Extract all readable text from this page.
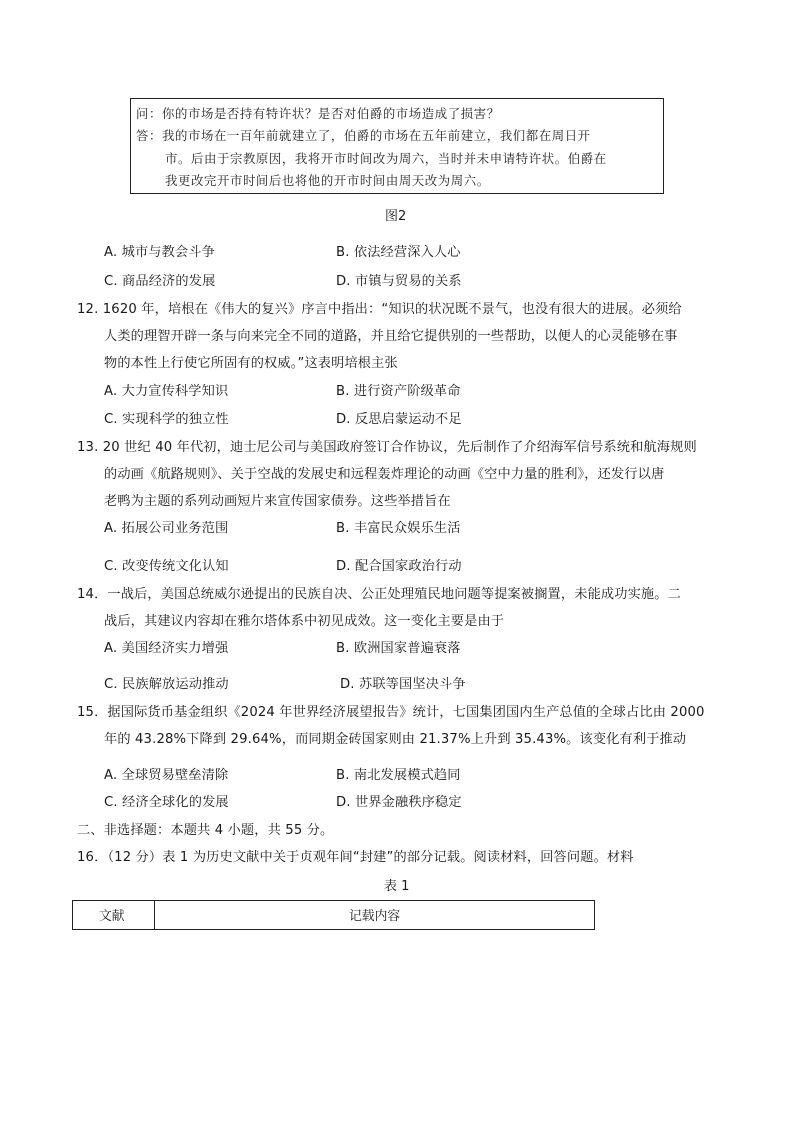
问：你的市场是否持有特许状？是否对伯爵的市场造成了损害？
答：我的市场在一百年前就建立了，伯爵的市场在五年前建立，我们都在周日开
市。后由于宗教原因，我将开市时间改为周六，当时并未申请特许状。伯爵在
我更改完开市时间后也将他的开市时间由周天改为周六。
图2
A. 城市与教会斗争	B. 依法经营深入人心
C. 商品经济的发展	D. 市镇与贸易的关系
12. 1620 年，培根在《伟大的复兴》序言中指出：“知识的状况既不景气，也没有很大的进展。必须给
人类的理智开辟一条与向来完全不同的道路，并且给它提供别的一些帮助，以便人的心灵能够在事
物的本性上行使它所固有的权威。”这表明培根主张
A. 大力宣传科学知识	B. 进行资产阶级革命
C. 实现科学的独立性	D. 反思启蒙运动不足
13. 20 世纪 40 年代初，迪士尼公司与美国政府签订合作协议，先后制作了介绍海军信号系统和航海规则
的动画《航路规则》、关于空战的发展史和远程轰炸理论的动画《空中力量的胜利》，还发行以唐
老鸭为主题的系列动画短片来宣传国家债券。这些举措旨在
A. 拓展公司业务范围	B. 丰富民众娱乐生活
C. 改变传统文化认知	D. 配合国家政治行动
14．一战后，美国总统威尔逊提出的民族自决、公正处理殖民地问题等提案被搁置，未能成功实施。二
战后，其建议内容却在雅尔塔体系中初见成效。这一变化主要是由于
A. 美国经济实力增强	B. 欧洲国家普遍衰落
C. 民族解放运动推动	D. 苏联等国坚决斗争
15．据国际货币基金组织《2024 年世界经济展望报告》统计，七国集团国内生产总值的全球占比由 2000
年的 43.28%下降到 29.64%，而同期金砖国家则由 21.37%上升到 35.43%。该变化有利于推动
A. 全球贸易壁垒清除	B. 南北发展模式趋同
C. 经济全球化的发展	D. 世界金融秩序稳定
二、非选择题：本题共 4 小题，共 55 分。
16．（12 分）表 1 为历史文献中关于贞观年间“封建”的部分记载。阅读材料，回答问题。材料
表 1
文献	记载内容
